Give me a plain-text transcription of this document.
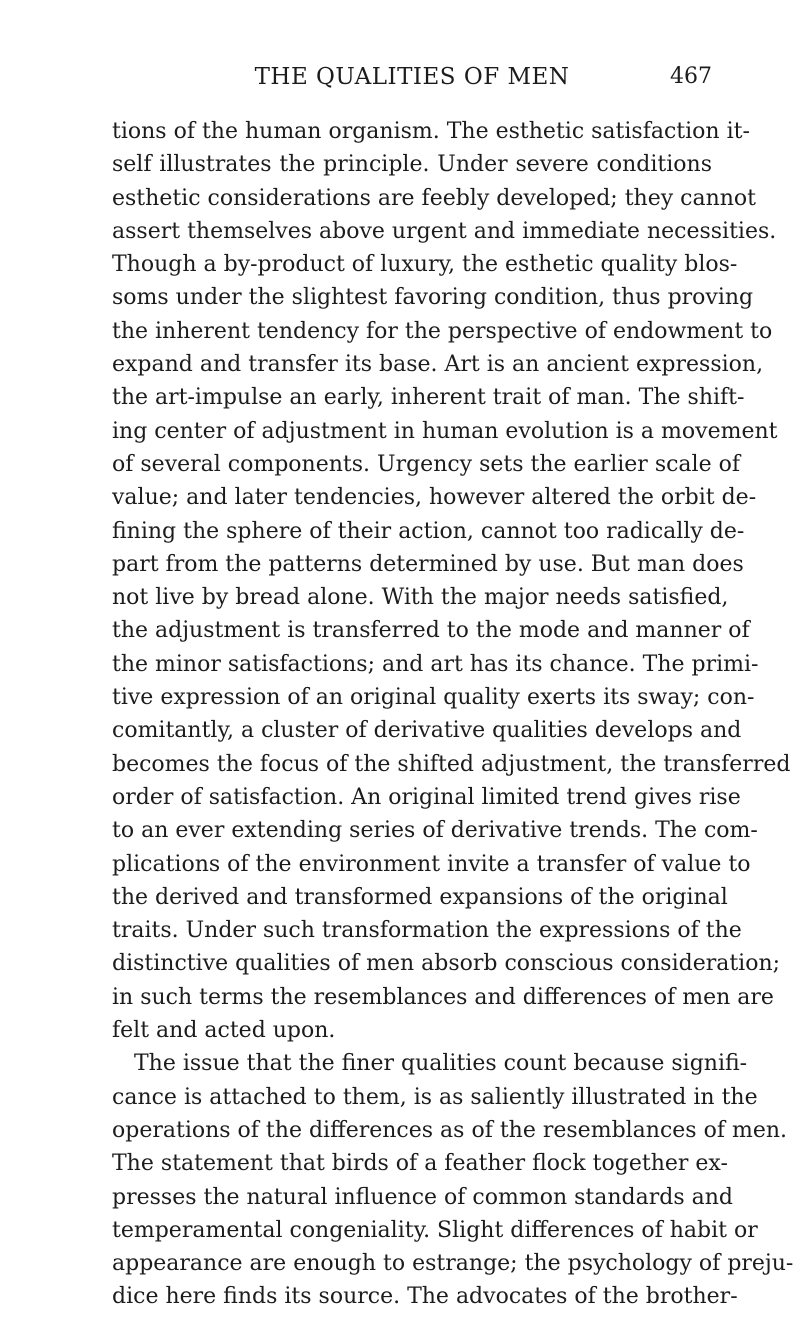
THE QUALITIES OF MEN	467
tions of the human organism. The esthetic satisfaction it-
self illustrates the principle. Under severe conditions
esthetic considerations are feebly developed; they cannot
assert themselves above urgent and immediate necessities.
Though a by-product of luxury, the esthetic quality blos-
soms under the slightest favoring condition, thus proving
the inherent tendency for the perspective of endowment to
expand and transfer its base. Art is an ancient expression,
the art-impulse an early, inherent trait of man. The shift-
ing center of adjustment in human evolution is a movement
of several components. Urgency sets the earlier scale of
value; and later tendencies, however altered the orbit de-
fining the sphere of their action, cannot too radically de-
part from the patterns determined by use. But man does
not live by bread alone. With the major needs satisfied,
the adjustment is transferred to the mode and manner of
the minor satisfactions; and art has its chance. The primi-
tive expression of an original quality exerts its sway; con-
comitantly, a cluster of derivative qualities develops and
becomes the focus of the shifted adjustment, the transferred
order of satisfaction. An original limited trend gives rise
to an ever extending series of derivative trends. The com-
plications of the environment invite a transfer of value to
the derived and transformed expansions of the original
traits. Under such transformation the expressions of the
distinctive qualities of men absorb conscious consideration;
in such terms the resemblances and differences of men are
felt and acted upon.
The issue that the finer qualities count because signifi-
cance is attached to them, is as saliently illustrated in the
operations of the differences as of the resemblances of men.
The statement that birds of a feather flock together ex-
presses the natural influence of common standards and
temperamental congeniality. Slight differences of habit or
appearance are enough to estrange; the psychology of preju-
dice here finds its source. The advocates of the brother-
